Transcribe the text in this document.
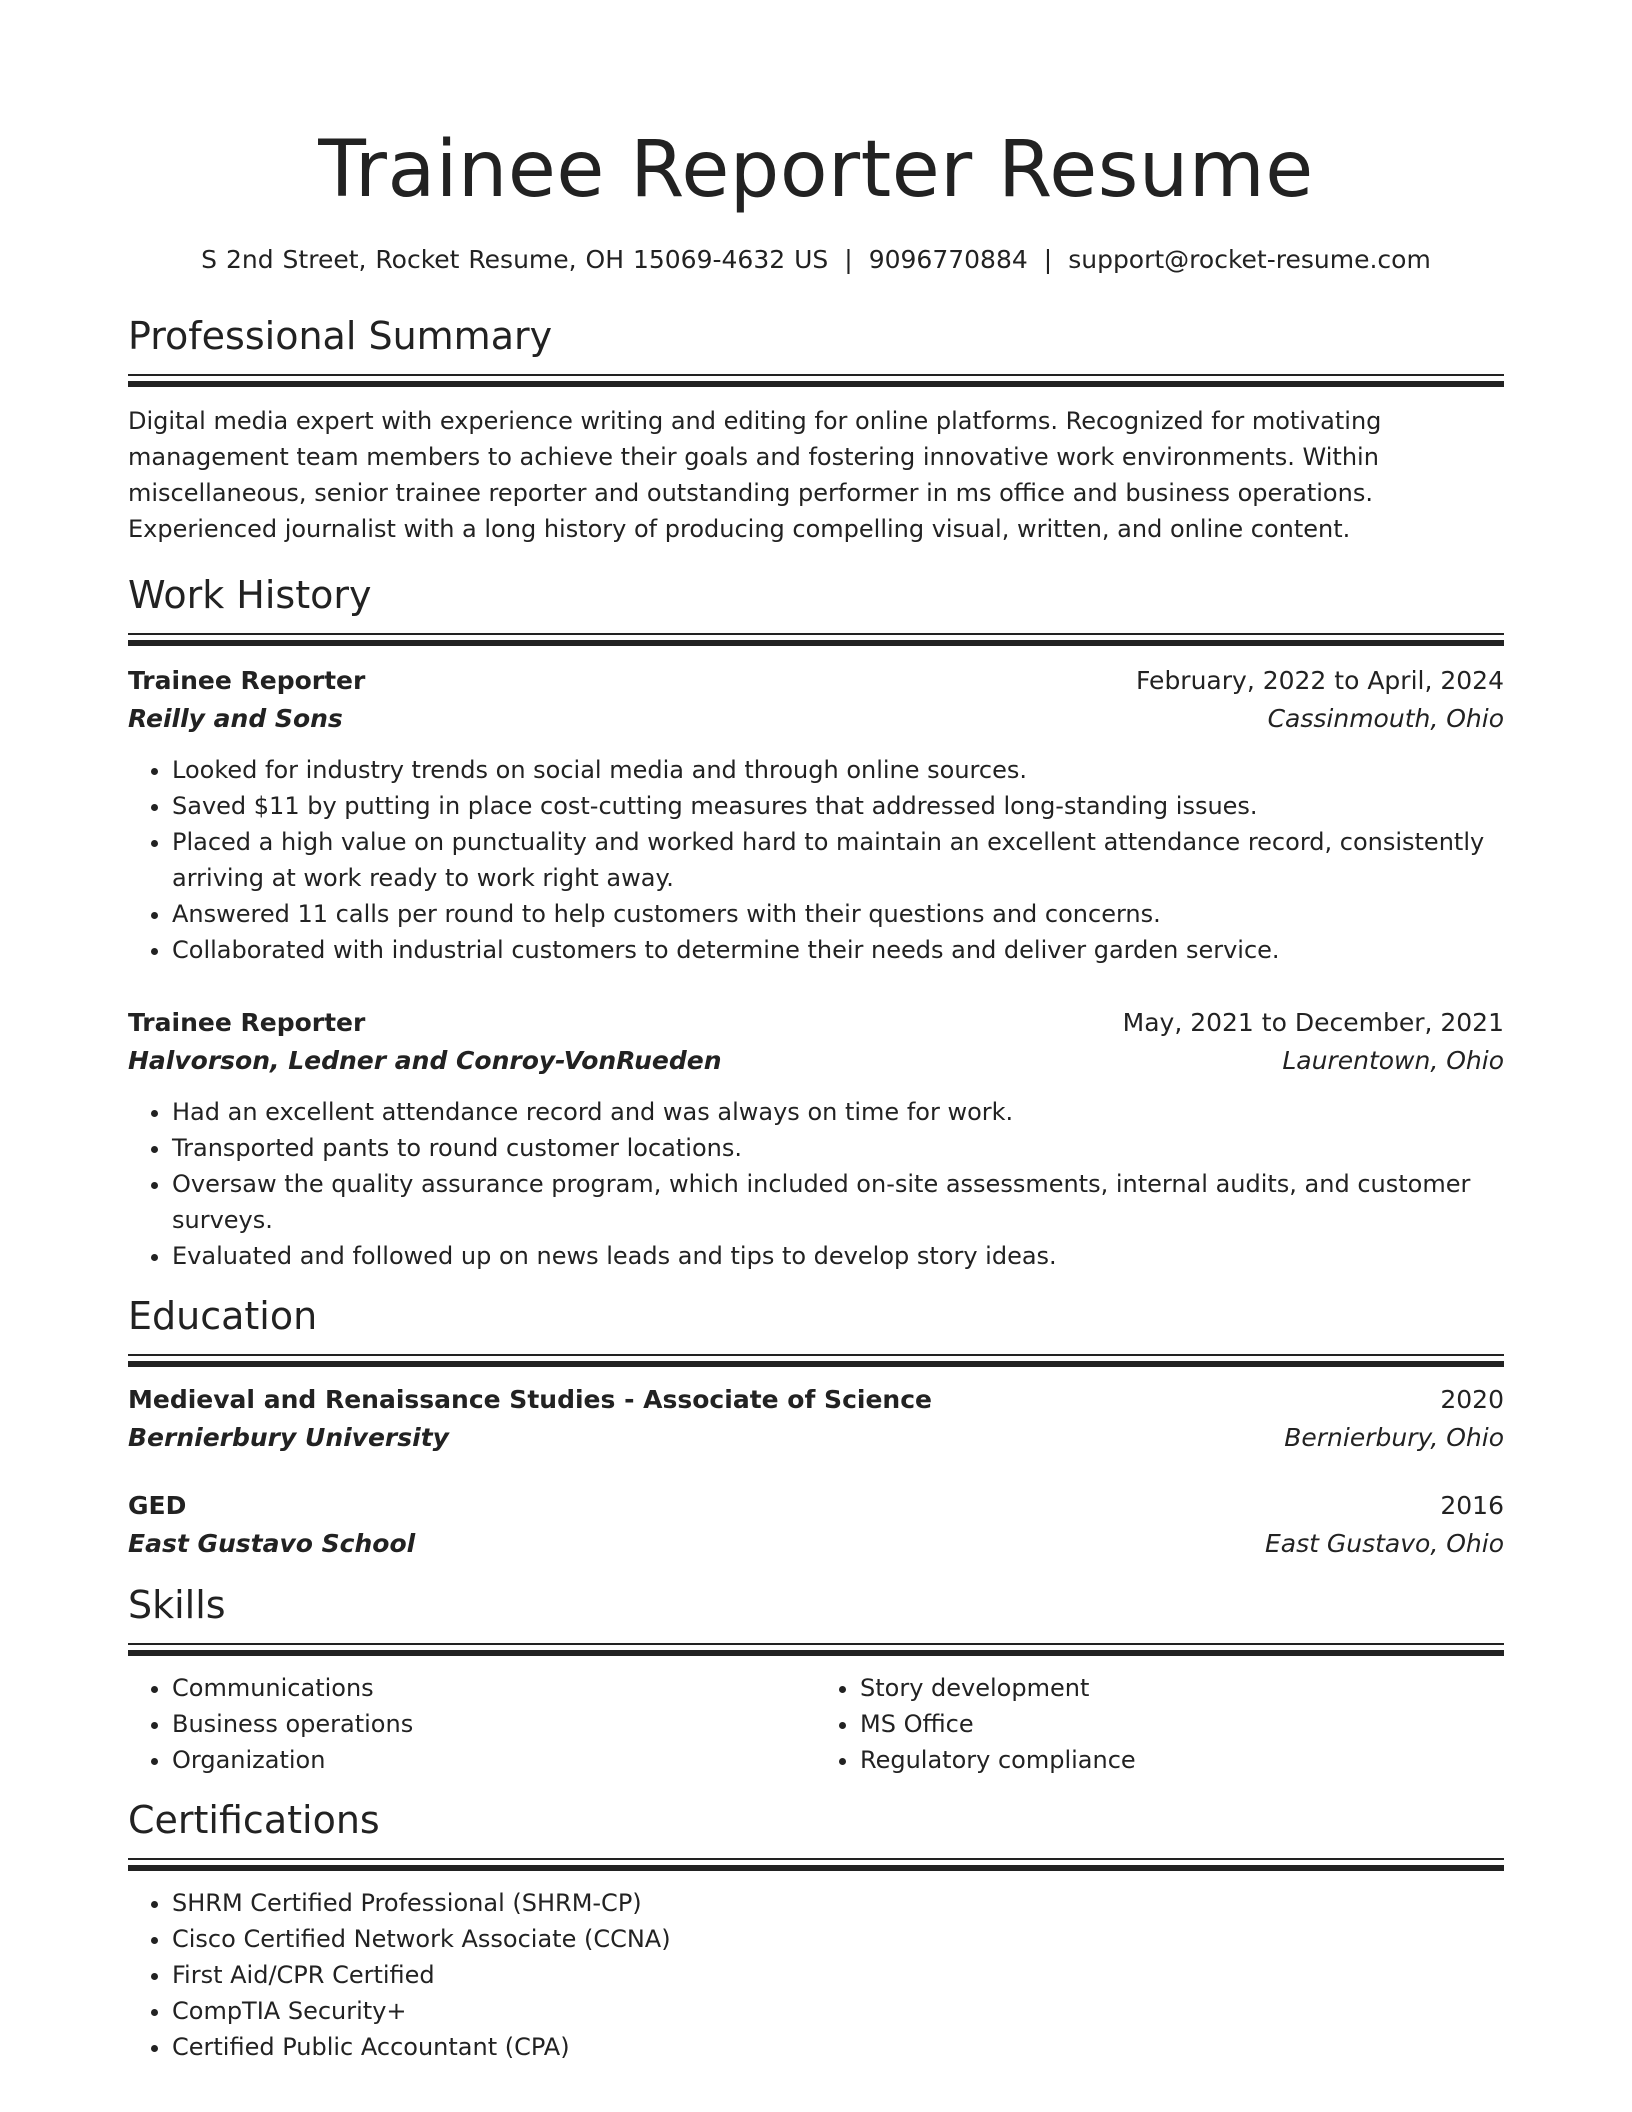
Trainee Reporter Resume
S 2nd Street, Rocket Resume, OH 15069-4632 US | 9096770884 | support@rocket-resume.com
Professional Summary

Digital media expert with experience writing and editing for online platforms. Recognized for motivating management team members to achieve their goals and fostering innovative work environments. Within miscellaneous, senior trainee reporter and outstanding performer in ms office and business operations. Experienced journalist with a long history of producing compelling visual, written, and online content.

Work History
Trainee Reporter	February, 2022 to April, 2024
Reilly and Sons	Cassinmouth, Ohio
• Looked for industry trends on social media and through online sources.
• Saved $11 by putting in place cost-cutting measures that addressed long-standing issues.
• Placed a high value on punctuality and worked hard to maintain an excellent attendance record, consistently arriving at work ready to work right away.
• Answered 11 calls per round to help customers with their questions and concerns.
• Collaborated with industrial customers to determine their needs and deliver garden service.
Trainee Reporter	May, 2021 to December, 2021
Halvorson, Ledner and Conroy-VonRueden	Laurentown, Ohio
• Had an excellent attendance record and was always on time for work.
• Transported pants to round customer locations.
• Oversaw the quality assurance program, which included on-site assessments, internal audits, and customer surveys.
• Evaluated and followed up on news leads and tips to develop story ideas.
Education
Medieval and Renaissance Studies - Associate of Science	2020
Bernierbury University	Bernierbury, Ohio
GED	2016
East Gustavo School	East Gustavo, Ohio
Skills
• Communications
• Business operations
• Organization
• Story development
• MS Office
• Regulatory compliance
Certifications
• SHRM Certified Professional (SHRM-CP)
• Cisco Certified Network Associate (CCNA)
• First Aid/CPR Certified
• CompTIA Security+
• Certified Public Accountant (CPA)
